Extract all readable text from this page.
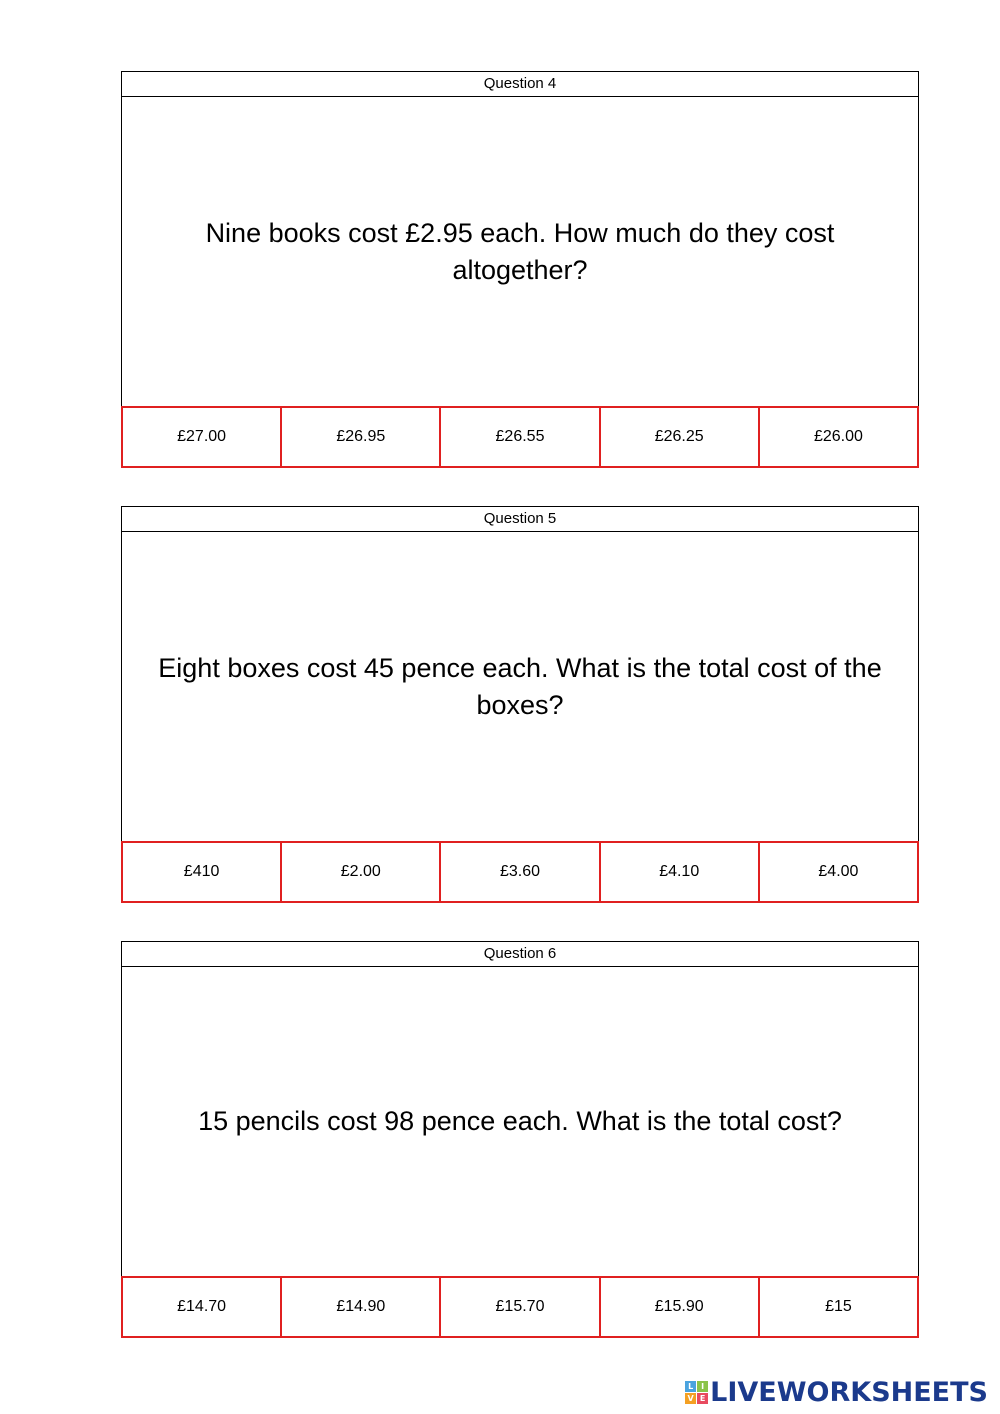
Question 4
Nine books cost £2.95 each. How much do they cost altogether?
£27.00	£26.95	£26.55	£26.25	£26.00
Question 5
Eight boxes cost 45 pence each. What is the total cost of the boxes?
£410	£2.00	£3.60	£4.10	£4.00
Question 6
15 pencils cost 98 pence each. What is the total cost?
£14.70	£14.90	£15.70	£15.90	£15
L I
V E LIVEWORKSHEETS
